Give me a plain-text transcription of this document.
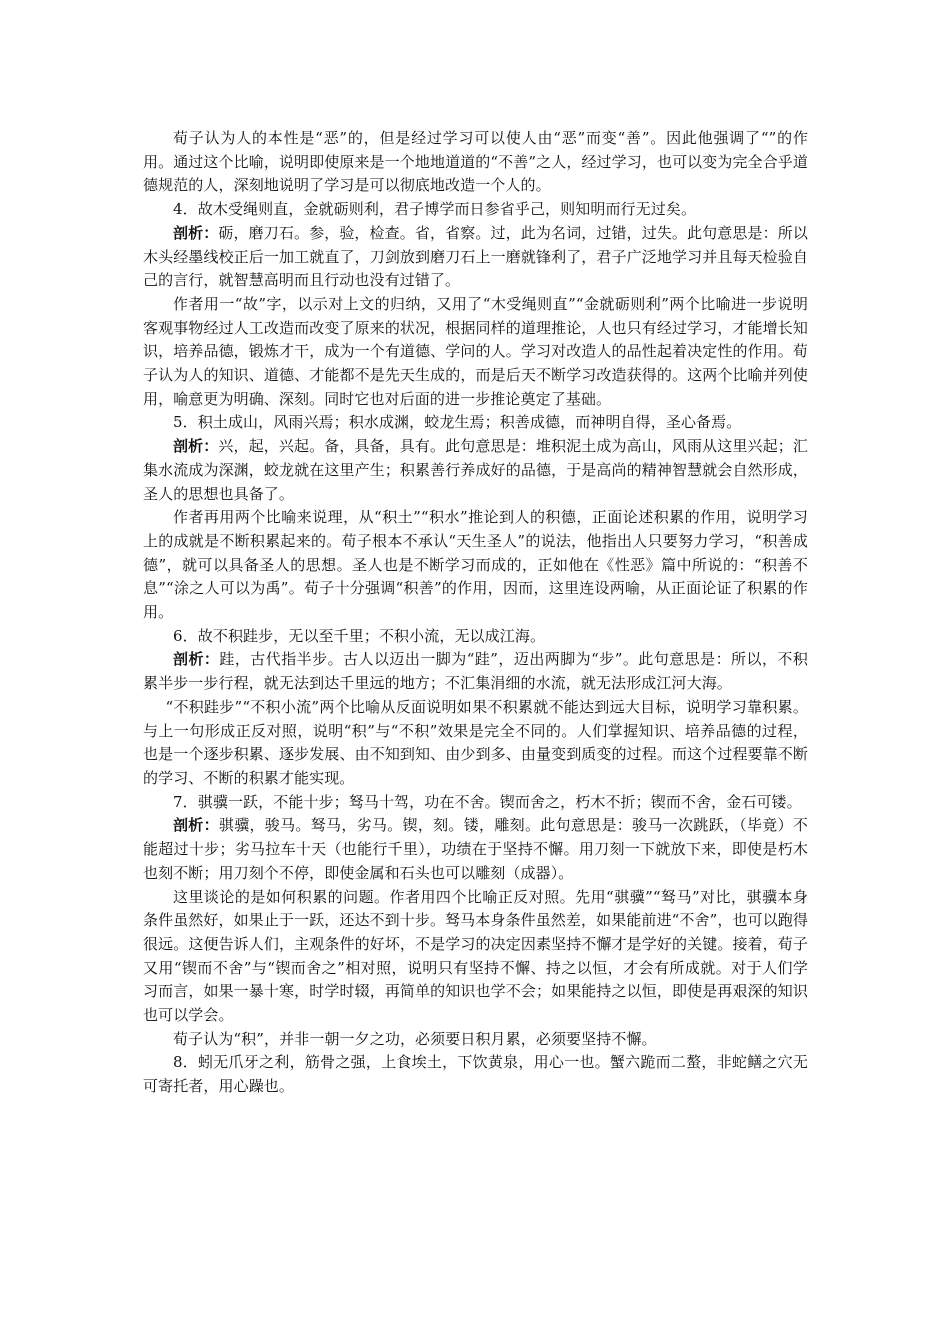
荀子认为人的本性是“恶”的，但是经过学习可以使人由“恶”而变“善”。因此他强调了“”的作用。通过这个比喻，说明即使原来是一个地地道道的“不善”之人，经过学习，也可以变为完全合乎道德规范的人，深刻地说明了学习是可以彻底地改造一个人的。

4．故木受绳则直，金就砺则利，君子博学而日参省乎己，则知明而行无过矣。

剖析：砺，磨刀石。参，验，检查。省，省察。过，此为名词，过错，过失。此句意思是：所以木头经墨线校正后一加工就直了，刀剑放到磨刀石上一磨就锋利了，君子广泛地学习并且每天检验自己的言行，就智慧高明而且行动也没有过错了。

作者用一“故”字，以示对上文的归纳，又用了“木受绳则直”“金就砺则利”两个比喻进一步说明客观事物经过人工改造而改变了原来的状况，根据同样的道理推论，人也只有经过学习，才能增长知识，培养品德，锻炼才干，成为一个有道德、学问的人。学习对改造人的品性起着决定性的作用。荀子认为人的知识、道德、才能都不是先天生成的，而是后天不断学习改造获得的。这两个比喻并列使用，喻意更为明确、深刻。同时它也对后面的进一步推论奠定了基础。

5．积土成山，风雨兴焉；积水成渊，蛟龙生焉；积善成德，而神明自得，圣心备焉。

剖析：兴，起，兴起。备，具备，具有。此句意思是：堆积泥土成为高山，风雨从这里兴起；汇集水流成为深渊，蛟龙就在这里产生；积累善行养成好的品德，于是高尚的精神智慧就会自然形成，圣人的思想也具备了。

作者再用两个比喻来说理，从“积土”“积水”推论到人的积德，正面论述积累的作用，说明学习上的成就是不断积累起来的。荀子根本不承认“天生圣人”的说法，他指出人只要努力学习，“积善成德”，就可以具备圣人的思想。圣人也是不断学习而成的，正如他在《性恶》篇中所说的：“积善不息”“涂之人可以为禹”。荀子十分强调“积善”的作用，因而，这里连设两喻，从正面论证了积累的作用。

6．故不积跬步，无以至千里；不积小流，无以成江海。

剖析：跬，古代指半步。古人以迈出一脚为“跬”，迈出两脚为“步”。此句意思是：所以，不积累半步一步行程，就无法到达千里远的地方；不汇集涓细的水流，就无法形成江河大海。

“不积跬步”“不积小流”两个比喻从反面说明如果不积累就不能达到远大目标，说明学习靠积累。与上一句形成正反对照，说明“积”与“不积”效果是完全不同的。人们掌握知识、培养品德的过程，也是一个逐步积累、逐步发展、由不知到知、由少到多、由量变到质变的过程。而这个过程要靠不断的学习、不断的积累才能实现。

7．骐骥一跃，不能十步；驽马十驾，功在不舍。锲而舍之，朽木不折；锲而不舍，金石可镂。

剖析：骐骥，骏马。驽马，劣马。锲，刻。镂，雕刻。此句意思是：骏马一次跳跃，（毕竟）不能超过十步；劣马拉车十天（也能行千里），功绩在于坚持不懈。用刀刻一下就放下来，即使是朽木也刻不断；用刀刻个不停，即使金属和石头也可以雕刻（成器）。

这里谈论的是如何积累的问题。作者用四个比喻正反对照。先用“骐骥”“驽马”对比，骐骥本身条件虽然好，如果止于一跃，还达不到十步。驽马本身条件虽然差，如果能前进“不舍”，也可以跑得很远。这便告诉人们，主观条件的好坏，不是学习的决定因素坚持不懈才是学好的关键。接着，荀子又用“锲而不舍”与“锲而舍之”相对照，说明只有坚持不懈、持之以恒，才会有所成就。对于人们学习而言，如果一暴十寒，时学时辍，再简单的知识也学不会；如果能持之以恒，即使是再艰深的知识也可以学会。

荀子认为“积”，并非一朝一夕之功，必须要日积月累，必须要坚持不懈。

8．蚓无爪牙之利，筋骨之强，上食埃土，下饮黄泉，用心一也。蟹六跪而二螯，非蛇鳝之穴无可寄托者，用心躁也。
